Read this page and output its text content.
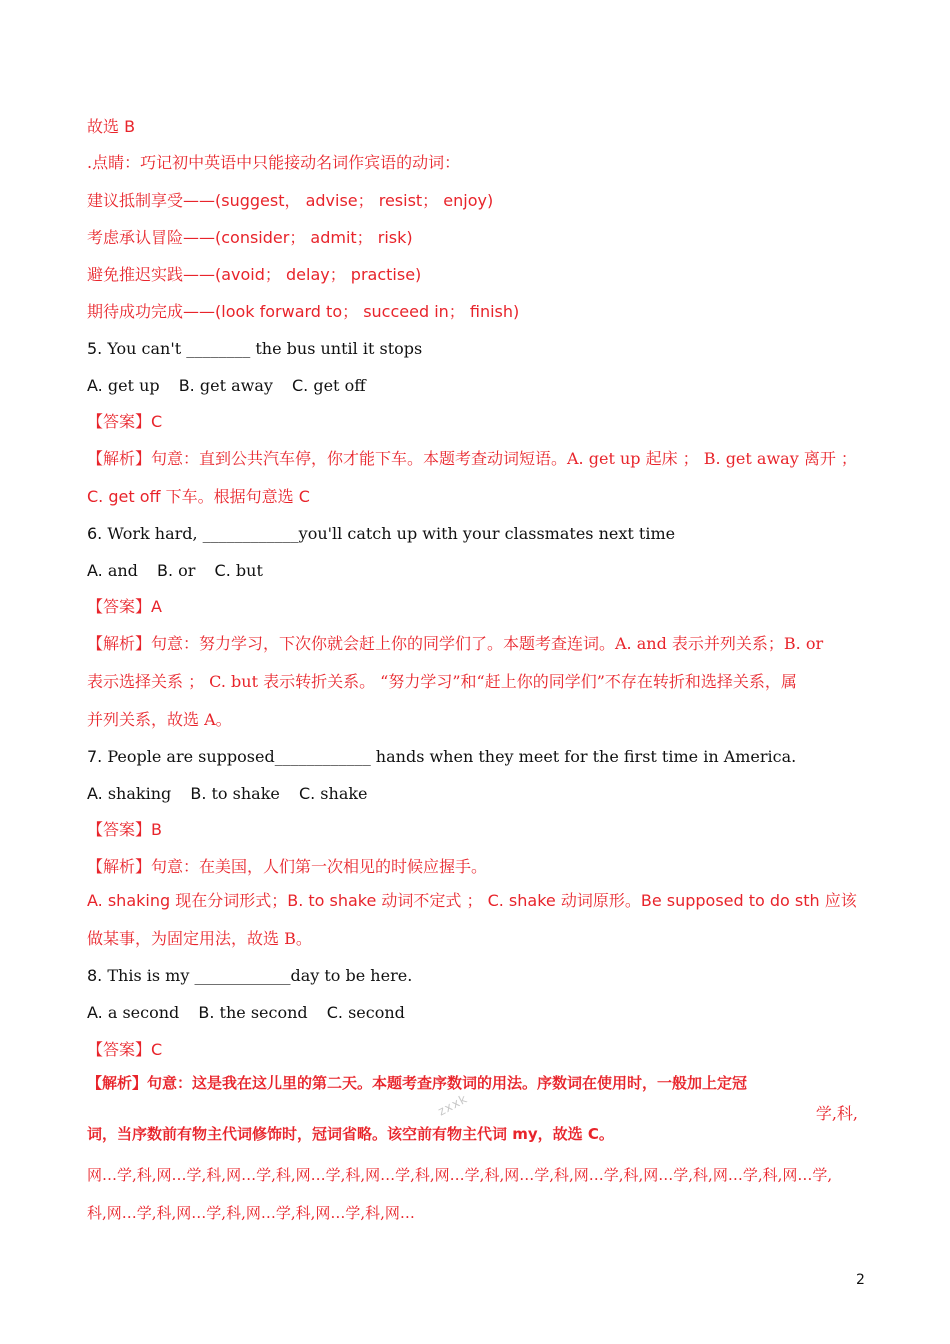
故选 B
.点睛：巧记初中英语中只能接动名词作宾语的动词：
建议抵制享受——(suggest， advise； resist； enjoy)
考虑承认冒险——(consider； admit； risk)
避免推迟实践——(avoid； delay； practise)
期待成功完成——(look forward to； succeed in； finish)
5. You can't ________ the bus until it stops
A. get up B. get away C. get off
【答案】C
【解析】句意：直到公共汽车停，你才能下车。本题考查动词短语。A. get up 起床 ； B. get away 离开 ；
C. get off 下车。根据句意选 C
6. Work hard, ____________you'll catch up with your classmates next time
A. and B. or C. but
【答案】A
【解析】句意：努力学习，下次你就会赶上你的同学们了。本题考查连词。A. and 表示并列关系；B. or
表示选择关系 ； C. but 表示转折关系。 “努力学习”和“赶上你的同学们”不存在转折和选择关系，属
并列关系，故选 A。
7. People are supposed____________ hands when they meet for the first time in America.
A. shaking B. to shake C. shake
【答案】B
【解析】句意：在美国，人们第一次相见的时候应握手。
A. shaking 现在分词形式；B. to shake 动词不定式 ； C. shake 动词原形。Be supposed to do sth 应该
做某事，为固定用法，故选 B。
8. This is my ____________day to be here.
A. a second B. the second C. second
【答案】C
【解析】句意：这是我在这儿里的第二天。本题考查序数词的用法。序数词在使用时，一般加上定冠
学,科,
zxxk
词，当序数前有物主代词修饰时，冠词省略。该空前有物主代词 my，故选 C。
网…学,科,网…学,科,网…学,科,网…学,科,网…学,科,网…学,科,网…学,科,网…学,科,网…学,科,网…学,科,网…学,
科,网…学,科,网…学,科,网…学,科,网…学,科,网…
2
